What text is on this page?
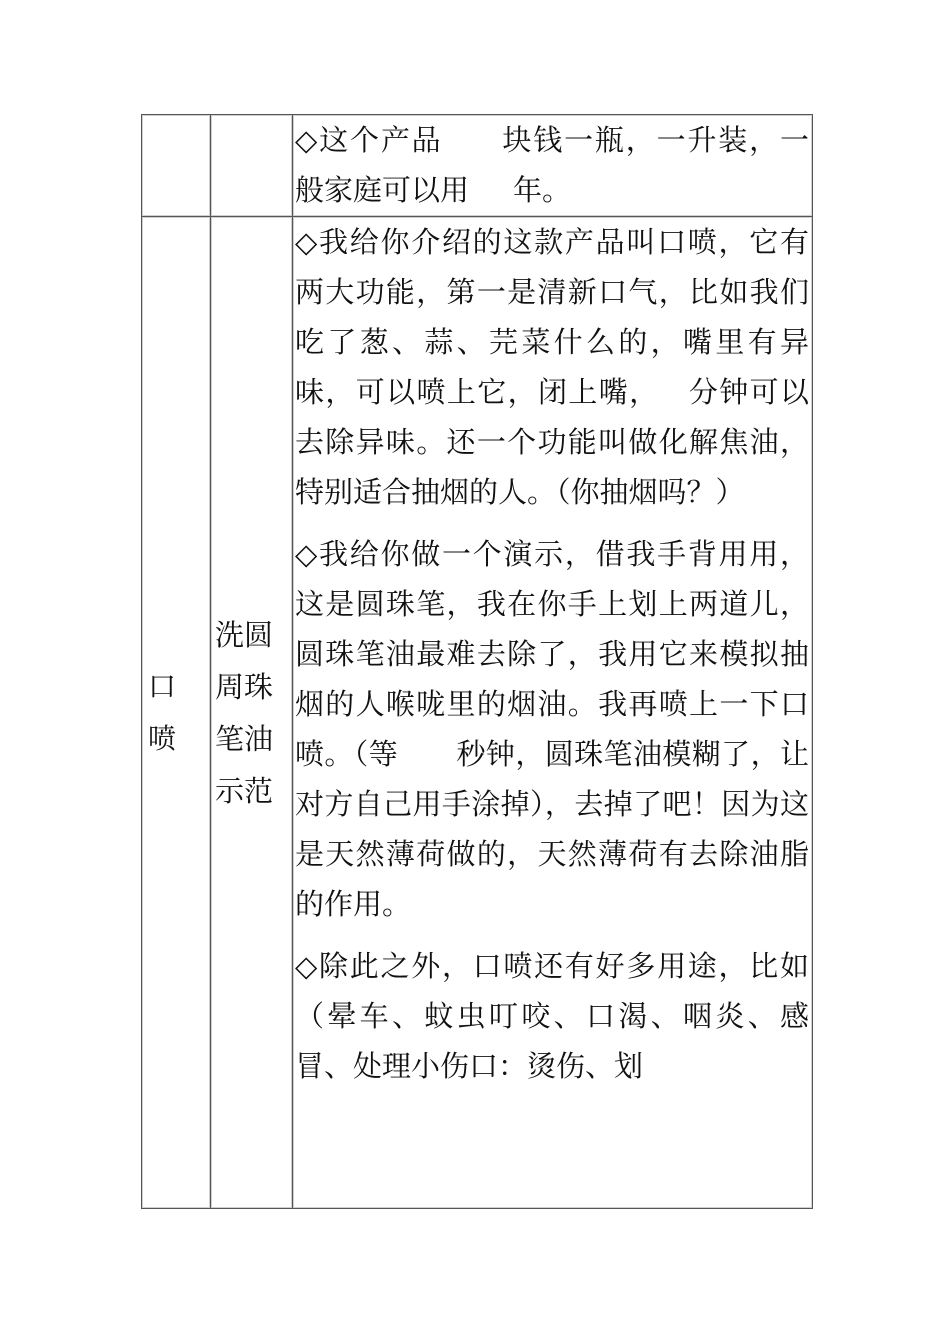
		◇这个产品 块钱一瓶，一升装，一般家庭可以用 年。

口喷	洗圆周珠笔油示范	◇我给你介绍的这款产品叫口喷，它有两大功能，第一是清新口气，比如我们吃了葱、蒜、芫菜什么的，嘴里有异味，可以喷上它，闭上嘴， 分钟可以去除异味。还一个功能叫做化解焦油，特别适合抽烟的人。（你抽烟吗？）

◇我给你做一个演示，借我手背用用，这是圆珠笔，我在你手上划上两道儿，圆珠笔油最难去除了，我用它来模拟抽烟的人喉咙里的烟油。我再喷上一下口喷。（等 秒钟，圆珠笔油模糊了，让对方自己用手涂掉），去掉了吧！因为这是天然薄荷做的，天然薄荷有去除油脂的作用。

◇除此之外，口喷还有好多用途，比如（晕车、蚊虫叮咬、口渴、咽炎、感冒、处理小伤口：烫伤、划
